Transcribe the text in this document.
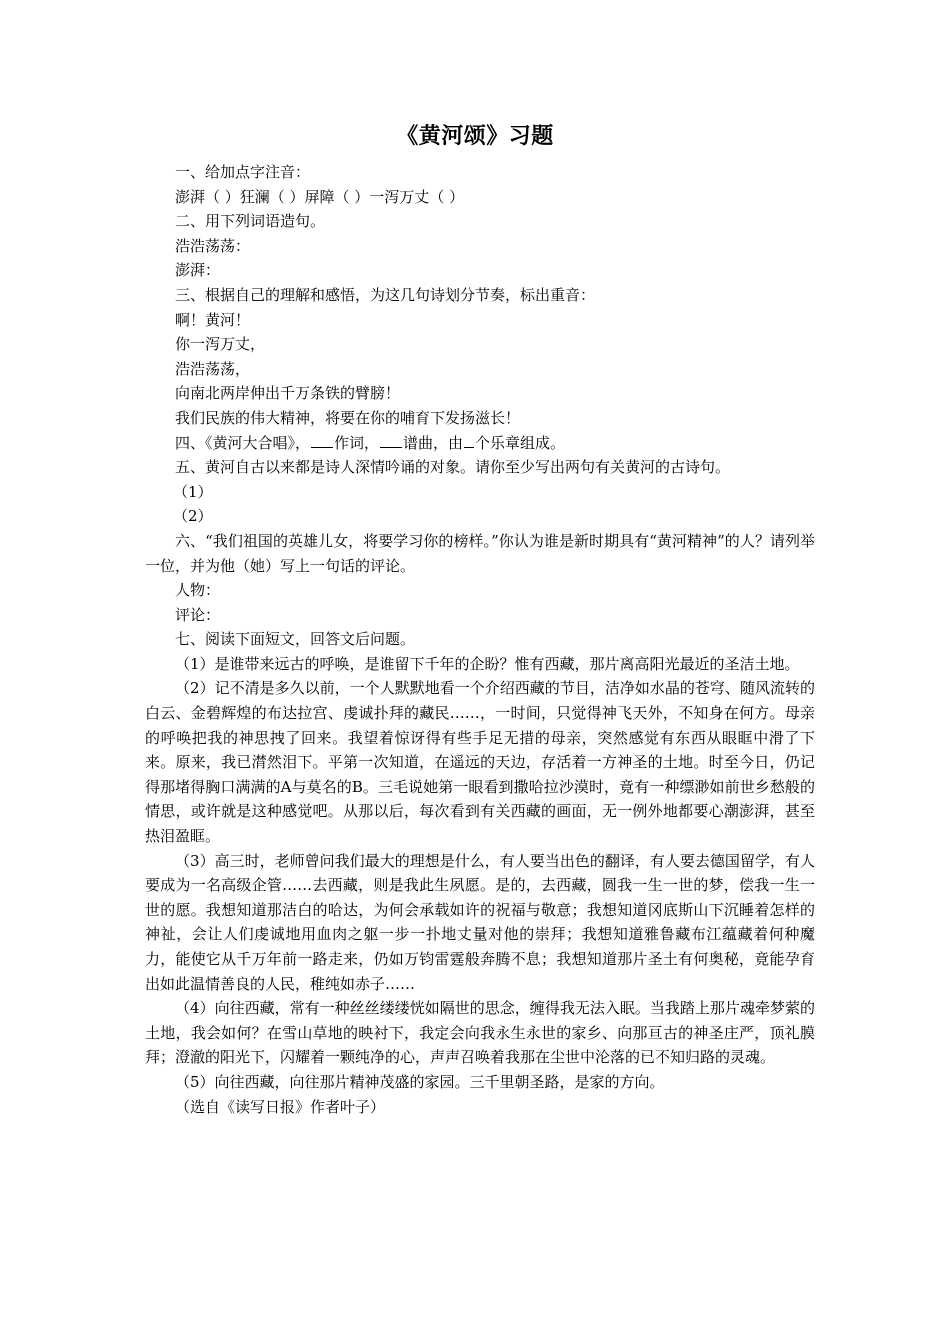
《黄河颂》习题

一、给加点字注音：

澎湃（ ）狂澜（ ）屏障（ ）一泻万丈（ ）

二、用下列词语造句。

浩浩荡荡：

澎湃：

三、根据自己的理解和感悟，为这几句诗划分节奏，标出重音：

啊！黄河！

你一泻万丈，

浩浩荡荡，

向南北两岸伸出千万条铁的臂膀！

我们民族的伟大精神，将要在你的哺育下发扬滋长！

四、《黄河大合唱》， 作词， 谱曲，由 个乐章组成。

五、黄河自古以来都是诗人深情吟诵的对象。请你至少写出两句有关黄河的古诗句。

（1）

（2）

六、“我们祖国的英雄儿女，将要学习你的榜样。”你认为谁是新时期具有“黄河精神”的人？请列举一位，并为他（她）写上一句话的评论。

人物：

评论：

七、阅读下面短文，回答文后问题。

（1）是谁带来远古的呼唤，是谁留下千年的企盼？惟有西藏，那片离高阳光最近的圣洁土地。

（2）记不清是多久以前，一个人默默地看一个介绍西藏的节目，洁净如水晶的苍穹、随风流转的白云、金碧辉煌的布达拉宫、虔诚扑拜的藏民……，一时间，只觉得神飞天外，不知身在何方。母亲的呼唤把我的神思拽了回来。我望着惊讶得有些手足无措的母亲，突然感觉有东西从眼眶中滑了下来。原来，我已潸然泪下。平第一次知道，在遥远的天边，存活着一方神圣的土地。时至今日，仍记得那堵得胸口满满的A与莫名的B。三毛说她第一眼看到撒哈拉沙漠时，竟有一种缥渺如前世乡愁般的情思，或许就是这种感觉吧。从那以后，每次看到有关西藏的画面，无一例外地都要心潮澎湃，甚至热泪盈眶。

（3）高三时，老师曾问我们最大的理想是什么，有人要当出色的翻译，有人要去德国留学，有人要成为一名高级企管……去西藏，则是我此生夙愿。是的，去西藏，圆我一生一世的梦，偿我一生一世的愿。我想知道那洁白的哈达，为何会承载如许的祝福与敬意；我想知道冈底斯山下沉睡着怎样的神祉，会让人们虔诚地用血肉之躯一步一扑地丈量对他的崇拜；我想知道雅鲁藏布江蕴藏着何种魔力，能使它从千万年前一路走来，仍如万钧雷霆般奔腾不息；我想知道那片圣土有何奥秘，竟能孕育出如此温情善良的人民，稚纯如赤子……

（4）向往西藏，常有一种丝丝缕缕恍如隔世的思念，缠得我无法入眠。当我踏上那片魂牵梦萦的土地，我会如何？在雪山草地的映衬下，我定会向我永生永世的家乡、向那亘古的神圣庄严，顶礼膜拜；澄澈的阳光下，闪耀着一颗纯净的心，声声召唤着我那在尘世中沦落的已不知归路的灵魂。

（5）向往西藏，向往那片精神茂盛的家园。三千里朝圣路，是家的方向。

（选自《读写日报》作者叶子）
